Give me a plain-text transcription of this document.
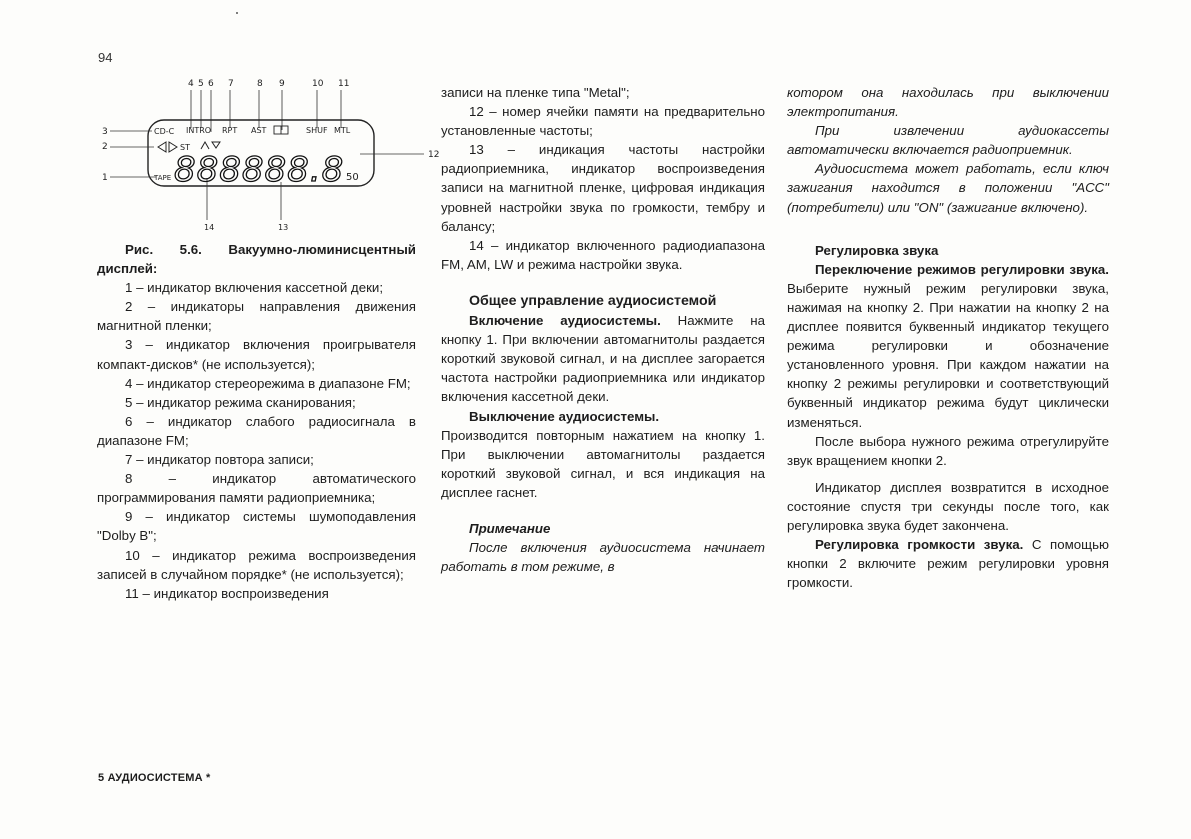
94
4 5 6 7	8 9	10 11
3
2
1
12
14	13
CD-C INTRO RPT AST	SHUF MTL
ST
TAPE 888888.8 50

Рис. 5.6. Вакуумно-люминисцентный дисплей:

1 – индикатор включения кассетной деки;

2 – индикаторы направления движения магнитной пленки;

3 – индикатор включения проигрывателя компакт-дисков* (не используется);

4 – индикатор стереорежима в диапазоне FM;

5 – индикатор режима сканирования;

6 – индикатор слабого радиосигнала в диапазоне FM;

7 – индикатор повтора записи;

8 – индикатор автоматического программирования памяти радиоприемника;

9 – индикатор системы шумоподавления "Dolby B";

10 – индикатор режима воспроизведения записей в случайном порядке* (не используется);

11 – индикатор воспроизведения

записи на пленке типа "Metal";

12 – номер ячейки памяти на предварительно установленные частоты;

13 – индикация частоты настройки радиоприемника, индикатор воспроизведения записи на магнитной пленке, цифровая индикация уровней настройки звука по громкости, тембру и балансу;

14 – индикатор включенного радиодиапазона FM, AM, LW и режима настройки звука.

Общее управление аудиосистемой

Включение аудиосистемы. Нажмите на кнопку 1. При включении автомагнитолы раздается короткий звуковой сигнал, и на дисплее загорается частота настройки радиоприемника или индикатор включения кассетной деки.

Выключение аудиосистемы.

Производится повторным нажатием на кнопку 1. При выключении автомагнитолы раздается короткий звуковой сигнал, и вся индикация на дисплее гаснет.

Примечание

После включения аудиосистема начинает работать в том режиме, в

котором она находилась при выключении электропитания.

При извлечении аудиокассеты автоматически включается радиоприемник.

Аудиосистема может работать, если ключ зажигания находится в положении "ACC" (потребители) или "ON" (зажигание включено).

Регулировка звука

Переключение режимов регулировки звука. Выберите нужный режим регулировки звука, нажимая на кнопку 2. При нажатии на кнопку 2 на дисплее появится буквенный индикатор текущего режима регулировки и обозначение установленного уровня. При каждом нажатии на кнопку 2 режимы регулировки и соответствующий буквенный индикатор режима будут циклически изменяться.

После выбора нужного режима отрегулируйте звук вращением кнопки 2.

Индикатор дисплея возвратится в исходное состояние спустя три секунды после того, как регулировка звука будет закончена.

Регулировка громкости звука. С помощью кнопки 2 включите режим регулировки уровня громкости.

5 АУДИОСИСТЕМА *
